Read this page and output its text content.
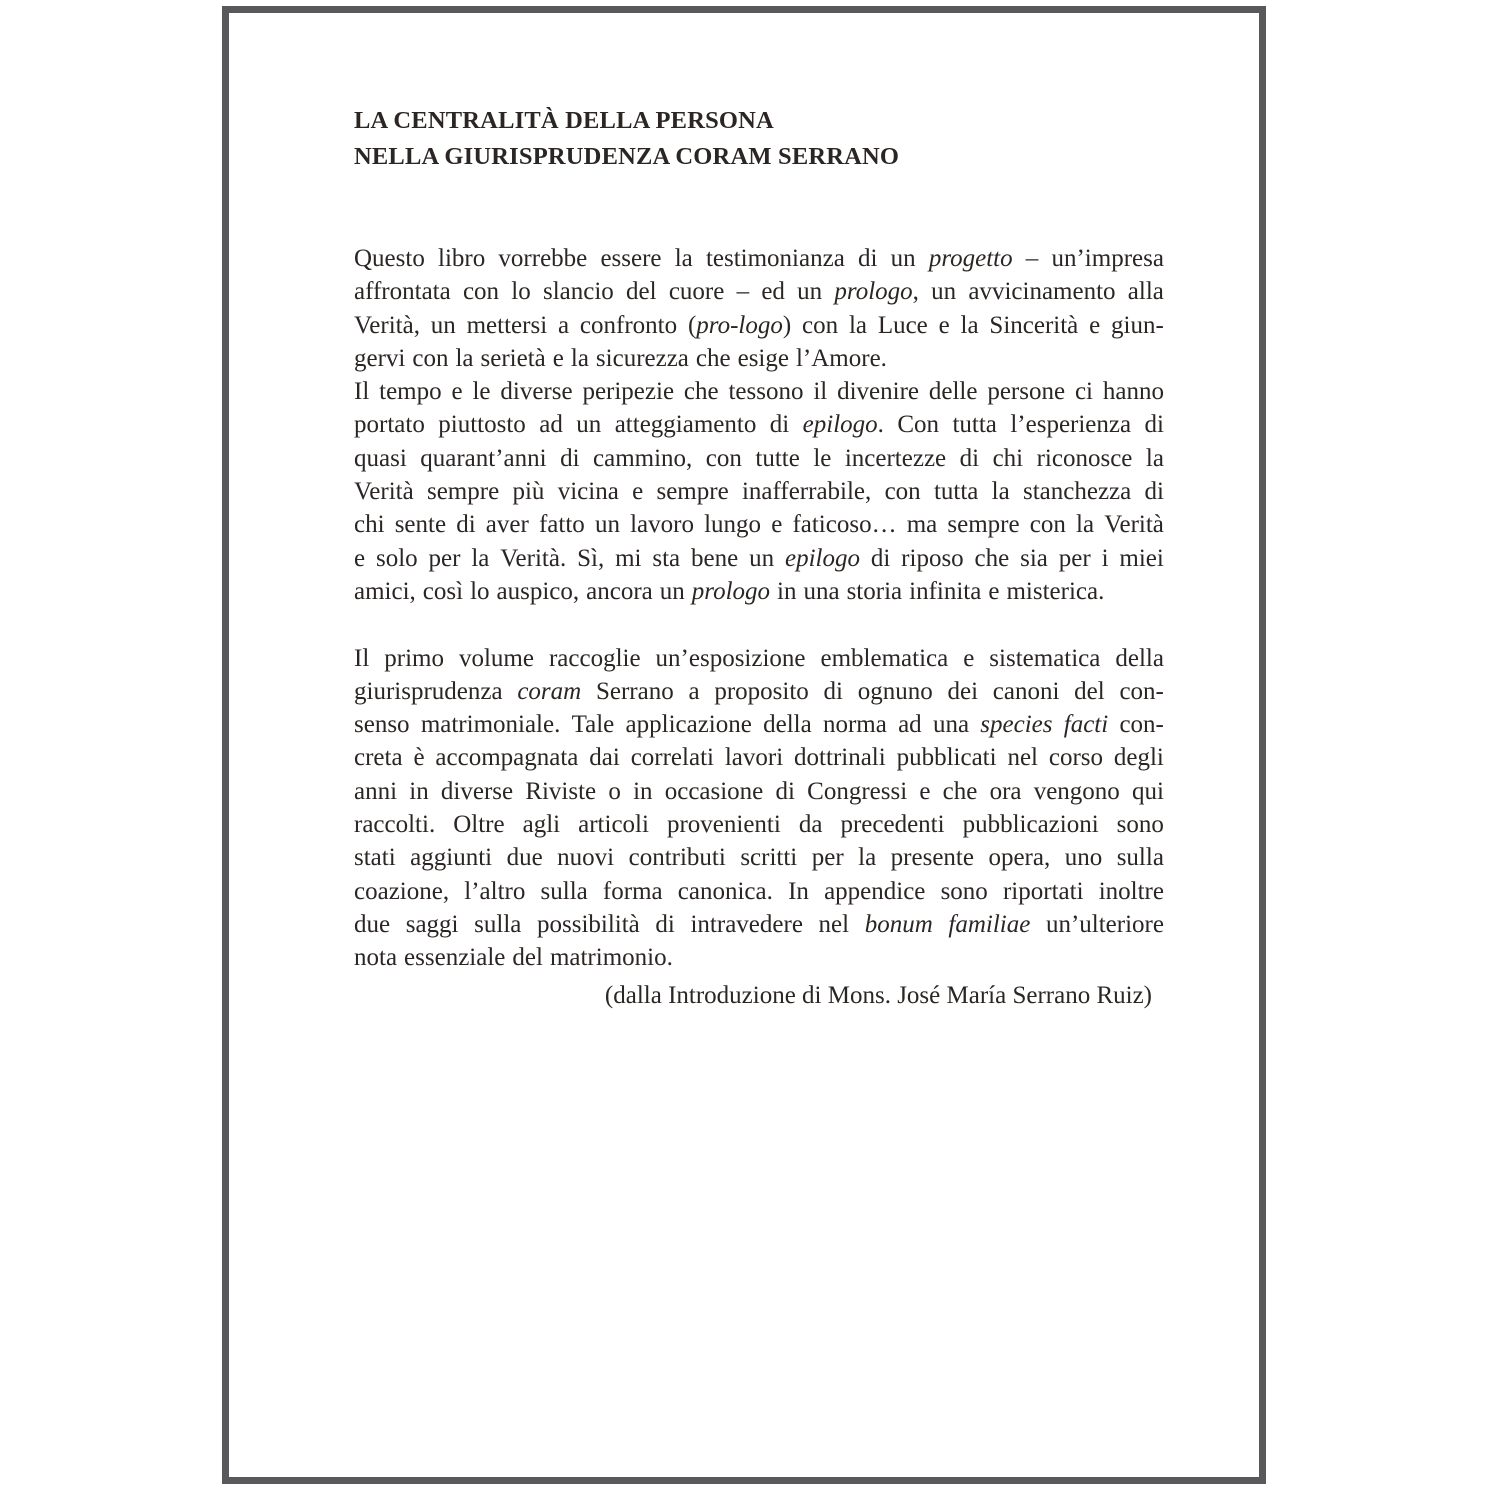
LA CENTRALITÀ DELLA PERSONA
NELLA GIURISPRUDENZA CORAM SERRANO
Questo libro vorrebbe essere la testimonianza di un progetto – un’impresa
affrontata con lo slancio del cuore – ed un prologo, un avvicinamento alla
Verità, un mettersi a confronto (pro-logo) con la Luce e la Sincerità e giun-
gervi con la serietà e la sicurezza che esige l’Amore.
Il tempo e le diverse peripezie che tessono il divenire delle persone ci hanno
portato piuttosto ad un atteggiamento di epilogo. Con tutta l’esperienza di
quasi quarant’anni di cammino, con tutte le incertezze di chi riconosce la
Verità sempre più vicina e sempre inafferrabile, con tutta la stanchezza di
chi sente di aver fatto un lavoro lungo e faticoso… ma sempre con la Verità
e solo per la Verità. Sì, mi sta bene un epilogo di riposo che sia per i miei
amici, così lo auspico, ancora un prologo in una storia infinita e misterica.
Il primo volume raccoglie un’esposizione emblematica e sistematica della
giurisprudenza coram Serrano a proposito di ognuno dei canoni del con-
senso matrimoniale. Tale applicazione della norma ad una species facti con-
creta è accompagnata dai correlati lavori dottrinali pubblicati nel corso degli
anni in diverse Riviste o in occasione di Congressi e che ora vengono qui
raccolti. Oltre agli articoli provenienti da precedenti pubblicazioni sono
stati aggiunti due nuovi contributi scritti per la presente opera, uno sulla
coazione, l’altro sulla forma canonica. In appendice sono riportati inoltre
due saggi sulla possibilità di intravedere nel bonum familiae un’ulteriore
nota essenziale del matrimonio.
(dalla Introduzione di Mons. José María Serrano Ruiz)
